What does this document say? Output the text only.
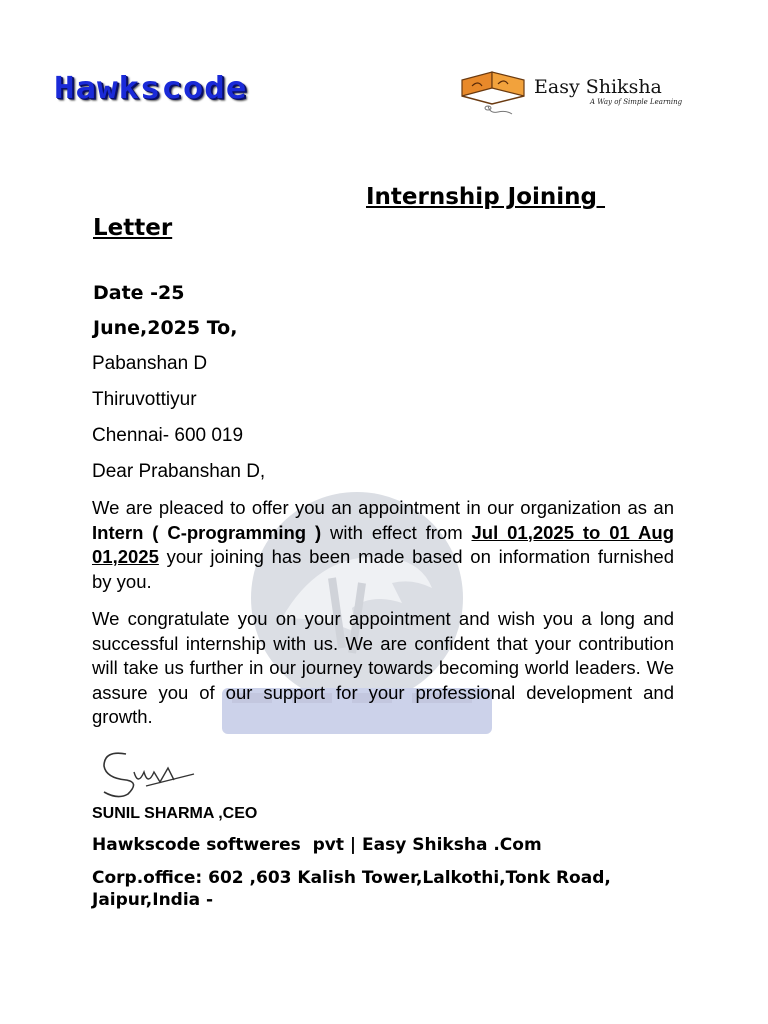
Hawkscode	Easy Shiksha
A Way of Simple Learning
Internship Joining
Letter
Date -25
June,2025 To,
Pabanshan D
Thiruvottiyur
Chennai- 600 019
Dear Prabanshan D,
We are pleaced to offer you an appointment in our organization as an Intern ( C-programming ) with effect from Jul 01,2025 to 01 Aug 01,2025 your joining has been made based on information furnished by you.
We congratulate you on your appointment and wish you a long and successful internship with us. We are confident that your contribution will take us further in our journey towards becoming world leaders. We assure you of our support for your professional development and growth.
SUNIL SHARMA ,CEO
Hawkscode softweres  pvt | Easy Shiksha .Com
Corp.office: 602 ,603 Kalish Tower,Lalkothi,Tonk Road, Jaipur,India -
